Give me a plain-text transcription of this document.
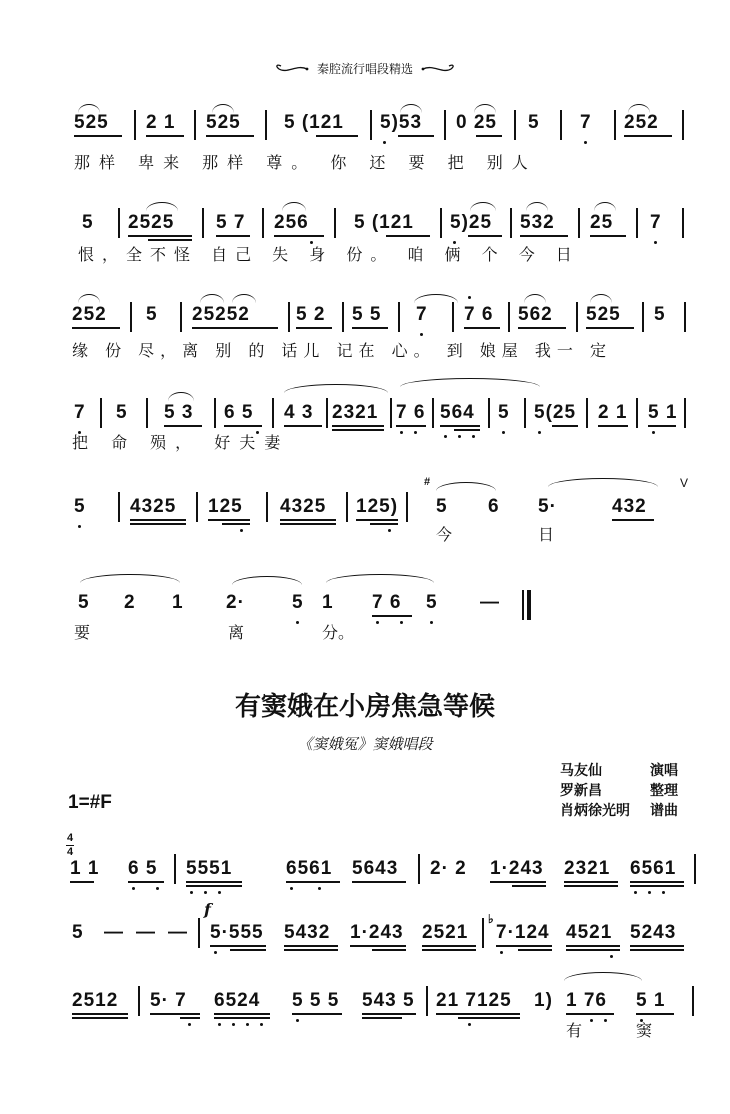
秦腔流行唱段精选
525 2 1 525 5 (121 5)53 0 25 5 7 252
那样 卑来 那样 尊。 你 还 要 把 别人
5 2525 5 7 256 5 (121 5)25 532 25 7
恨，全不怪 自己 失 身 份。 咱 俩 个 今 日
252 5 25252 5 2 5 5 7 7 6 562 525 5
缘 份 尽，离 别 的 话儿 记在 心。 到 娘屋 我一 定
7 5 5 3 6 5 4 3 2321 7 6 564 5 5(25 2 1 5 1
把 命 殒， 好夫妻
5 4325 125 4325 125)
#
5 6 5·	432
V
今	日
5 2 1 2· 5 1 7 6 5 —
要	离	分。
有窦娥在小房焦急等候
《窦娥冤》窦娥唱段
马友仙	演唱
罗新昌	整理
肖炳徐光明 谱曲
1=#F
4
4
1 1 6 5 5551	6561 5643 2· 2 1·243 2321 6561
5 — — —
f
5·555 5432 1·243 2521
♭
7·124 4521 5243
2512 5· 7 6524 5 5 5 543 5 21 7125 1) 1 76 5 1
有	窦
